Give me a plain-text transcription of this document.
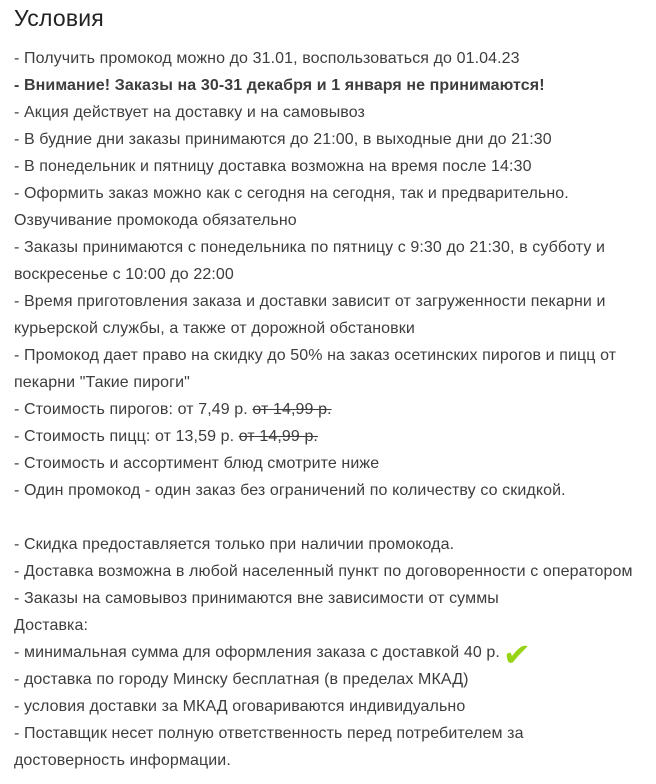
Условия

- Получить промокод можно до 31.01, воспользоваться до 01.04.23

- Внимание! Заказы на 30-31 декабря и 1 января не принимаются!

- Акция действует на доставку и на самовывоз

- В будние дни заказы принимаются до 21:00, в выходные дни до 21:30

- В понедельник и пятницу доставка возможна на время после 14:30

- Оформить заказ можно как с сегодня на сегодня, так и предварительно. Озвучивание промокода обязательно

- Заказы принимаются с понедельника по пятницу с 9:30 до 21:30, в субботу и воскресенье с 10:00 до 22:00

- Время приготовления заказа и доставки зависит от загруженности пекарни и курьерской службы, а также от дорожной обстановки

- Промокод дает право на скидку до 50% на заказ осетинских пирогов и пицц от пекарни "Такие пироги"

- Стоимость пирогов: от 7,49 р. от 14,99 р.

- Стоимость пицц: от 13,59 р. от 14,99 р.

- Стоимость и ассортимент блюд смотрите ниже

- Один промокод - один заказ без ограничений по количеству со скидкой.

- Скидка предоставляется только при наличии промокода.

- Доставка возможна в любой населенный пункт по договоренности с оператором

- Заказы на самовывоз принимаются вне зависимости от суммы

Доставка:

- минимальная сумма для оформления заказа с доставкой 40 р.✔

- доставка по городу Минску бесплатная (в пределах МКАД)

- условия доставки за МКАД оговариваются индивидуально

- Поставщик несет полную ответственность перед потребителем за достоверность информации.
